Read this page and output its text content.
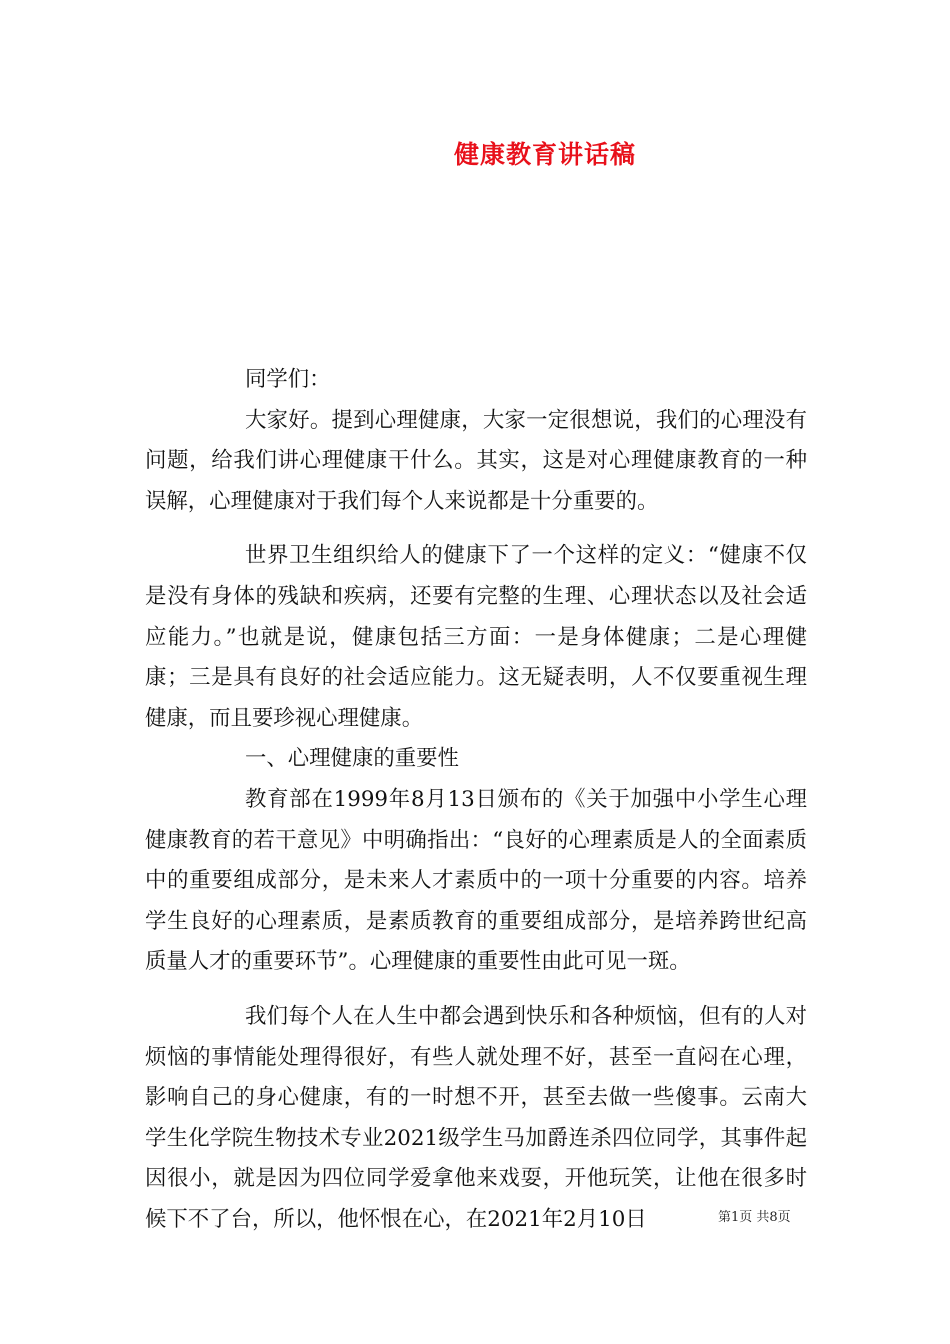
健康教育讲话稿

同学们：

大家好。提到心理健康，大家一定很想说，我们的心理没有问题，给我们讲心理健康干什么。其实，这是对心理健康教育的一种误解，心理健康对于我们每个人来说都是十分重要的。

世界卫生组织给人的健康下了一个这样的定义：“健康不仅是没有身体的残缺和疾病，还要有完整的生理、心理状态以及社会适应能力。”也就是说，健康包括三方面：一是身体健康；二是心理健康；三是具有良好的社会适应能力。这无疑表明，人不仅要重视生理健康，而且要珍视心理健康。

一、心理健康的重要性

教育部在1999年8月13日颁布的《关于加强中小学生心理健康教育的若干意见》中明确指出：“良好的心理素质是人的全面素质中的重要组成部分，是未来人才素质中的一项十分重要的内容。培养学生良好的心理素质，是素质教育的重要组成部分，是培养跨世纪高质量人才的重要环节”。心理健康的重要性由此可见一斑。

我们每个人在人生中都会遇到快乐和各种烦恼，但有的人对烦恼的事情能处理得很好，有些人就处理不好，甚至一直闷在心理，影响自己的身心健康，有的一时想不开，甚至去做一些傻事。云南大学生化学院生物技术专业2021级学生马加爵连杀四位同学，其事件起因很小，就是因为四位同学爱拿他来戏耍，开他玩笑，让他在很多时候下不了台，所以，他怀恨在心，在2021年2月10日	第1页 共8页
